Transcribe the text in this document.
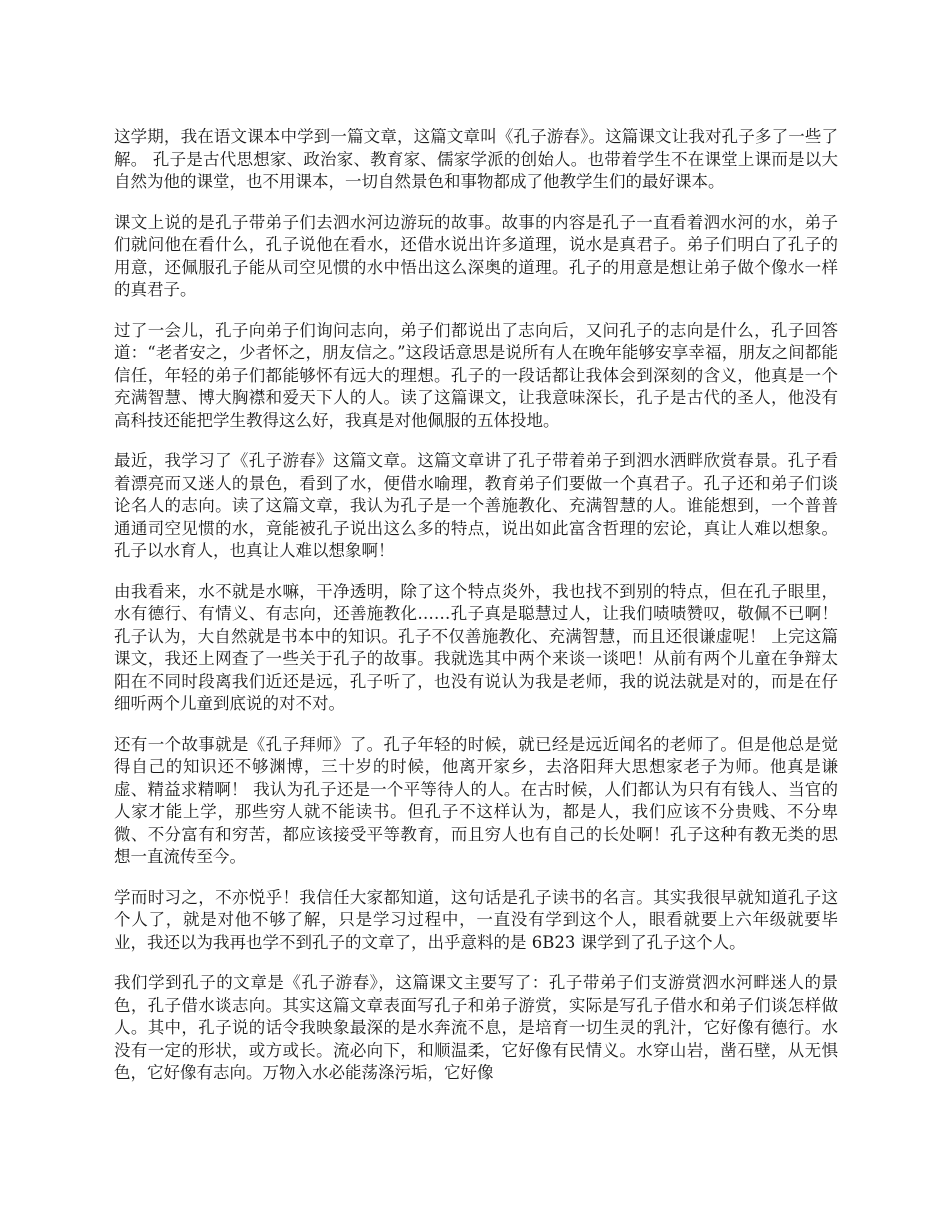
这学期，我在语文课本中学到一篇文章，这篇文章叫《孔子游春》。这篇课文让我对孔子多了一些了解。 孔子是古代思想家、政治家、教育家、儒家学派的创始人。也带着学生不在课堂上课而是以大自然为他的课堂，也不用课本，一切自然景色和事物都成了他教学生们的最好课本。

课文上说的是孔子带弟子们去泗水河边游玩的故事。故事的内容是孔子一直看着泗水河的水，弟子们就问他在看什么，孔子说他在看水，还借水说出许多道理，说水是真君子。弟子们明白了孔子的用意，还佩服孔子能从司空见惯的水中悟出这么深奥的道理。孔子的用意是想让弟子做个像水一样的真君子。

过了一会儿，孔子向弟子们询问志向，弟子们都说出了志向后，又问孔子的志向是什么，孔子回答道：“老者安之，少者怀之，朋友信之。”这段话意思是说所有人在晚年能够安享幸福，朋友之间都能信任，年轻的弟子们都能够怀有远大的理想。孔子的一段话都让我体会到深刻的含义，他真是一个充满智慧、博大胸襟和爱天下人的人。读了这篇课文，让我意味深长，孔子是古代的圣人，他没有高科技还能把学生教得这么好，我真是对他佩服的五体投地。

最近，我学习了《孔子游春》这篇文章。这篇文章讲了孔子带着弟子到泗水洒畔欣赏春景。孔子看着漂亮而又迷人的景色，看到了水，便借水喻理，教育弟子们要做一个真君子。孔子还和弟子们谈论名人的志向。读了这篇文章，我认为孔子是一个善施教化、充满智慧的人。谁能想到，一个普普通通司空见惯的水，竟能被孔子说出这么多的特点，说出如此富含哲理的宏论，真让人难以想象。孔子以水育人，也真让人难以想象啊！

由我看来，水不就是水嘛，干净透明，除了这个特点炎外，我也找不到别的特点，但在孔子眼里，水有德行、有情义、有志向，还善施教化……孔子真是聪慧过人，让我们啧啧赞叹，敬佩不已啊！孔子认为，大自然就是书本中的知识。孔子不仅善施教化、充满智慧，而且还很谦虚呢！ 上完这篇课文，我还上网查了一些关于孔子的故事。我就选其中两个来谈一谈吧！从前有两个儿童在争辩太阳在不同时段离我们近还是远，孔子听了，也没有说认为我是老师，我的说法就是对的，而是在仔细听两个儿童到底说的对不对。

还有一个故事就是《孔子拜师》了。孔子年轻的时候，就已经是远近闻名的老师了。但是他总是觉得自己的知识还不够渊博，三十岁的时候，他离开家乡，去洛阳拜大思想家老子为师。他真是谦虚、精益求精啊！ 我认为孔子还是一个平等待人的人。在古时候，人们都认为只有有钱人、当官的人家才能上学，那些穷人就不能读书。但孔子不这样认为，都是人，我们应该不分贵贱、不分卑微、不分富有和穷苦，都应该接受平等教育，而且穷人也有自己的长处啊！孔子这种有教无类的思想一直流传至今。

学而时习之，不亦悦乎！我信任大家都知道，这句话是孔子读书的名言。其实我很早就知道孔子这个人了，就是对他不够了解，只是学习过程中，一直没有学到这个人，眼看就要上六年级就要毕业，我还以为我再也学不到孔子的文章了，出乎意料的是 6B23 课学到了孔子这个人。

我们学到孔子的文章是《孔子游春》，这篇课文主要写了：孔子带弟子们支游赏泗水河畔迷人的景色，孔子借水谈志向。其实这篇文章表面写孔子和弟子游赏，实际是写孔子借水和弟子们谈怎样做人。其中，孔子说的话令我映象最深的是水奔流不息，是培育一切生灵的乳汁，它好像有德行。水没有一定的形状，或方或长。流必向下，和顺温柔，它好像有民情义。水穿山岩，凿石壁，从无惧色，它好像有志向。万物入水必能荡涤污垢，它好像
